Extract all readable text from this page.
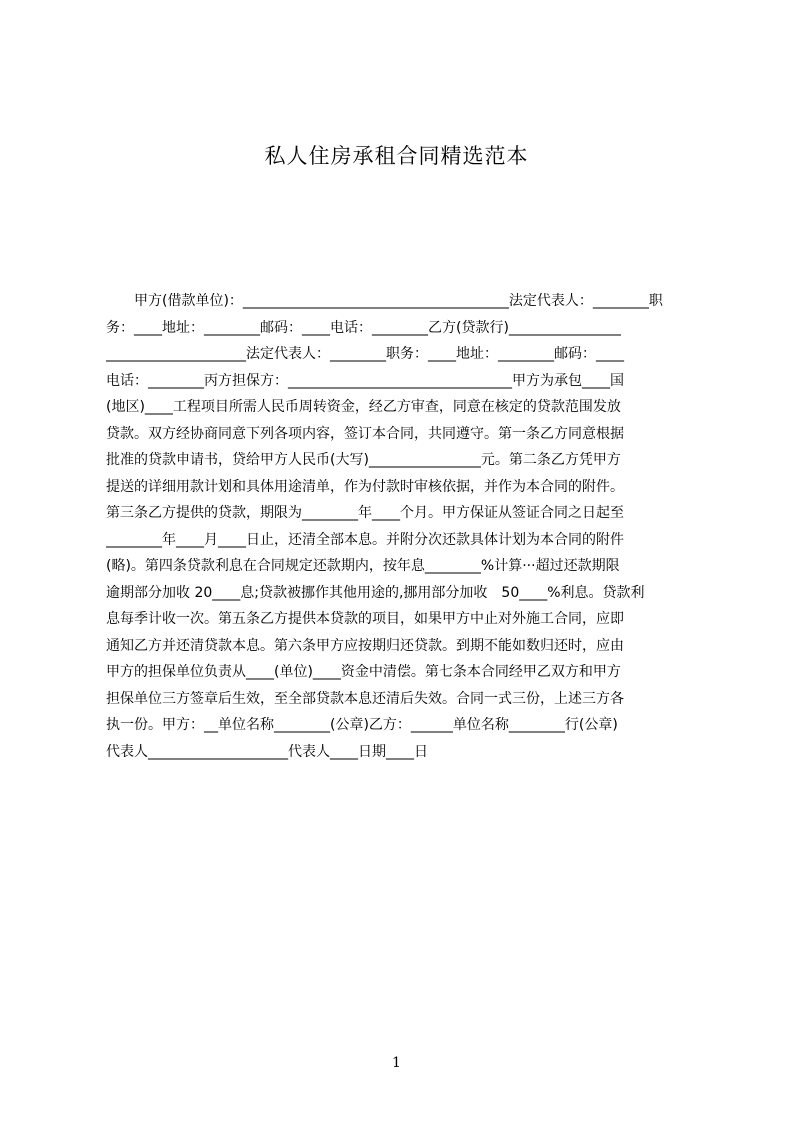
私人住房承租合同精选范本
　　甲方(借款单位)：______________________________________法定代表人：________职
务：____地址：________邮码：____电话：________乙方(贷款行)________________
____________________法定代表人：________职务：____地址：________邮码：____
电话：________丙方担保方：________________________________甲方为承包____国
(地区)____工程项目所需人民币周转资金，经乙方审查，同意在核定的贷款范围发放
贷款。双方经协商同意下列各项内容，签订本合同，共同遵守。第一条乙方同意根据
批准的贷款申请书，贷给甲方人民币(大写)________________元。第二条乙方凭甲方
提送的详细用款计划和具体用途清单，作为付款时审核依据，并作为本合同的附件。
第三条乙方提供的贷款，期限为________年____个月。甲方保证从签证合同之日起至
________年____月____日止，还清全部本息。并附分次还款具体计划为本合同的附件
(略)。第四条贷款利息在合同规定还款期内，按年息________%计算···超过还款期限
逾期部分加收 20____息;贷款被挪作其他用途的,挪用部分加收　50____%利息。贷款利
息每季计收一次。第五条乙方提供本贷款的项目，如果甲方中止对外施工合同，应即
通知乙方并还清贷款本息。第六条甲方应按期归还贷款。到期不能如数归还时，应由
甲方的担保单位负责从____(单位)____资金中清偿。第七条本合同经甲乙双方和甲方
担保单位三方签章后生效，至全部贷款本息还清后失效。合同一式三份，上述三方各
执一份。甲方：__单位名称________(公章)乙方：______单位名称________行(公章)
代表人____________________代表人____日期____日
1
